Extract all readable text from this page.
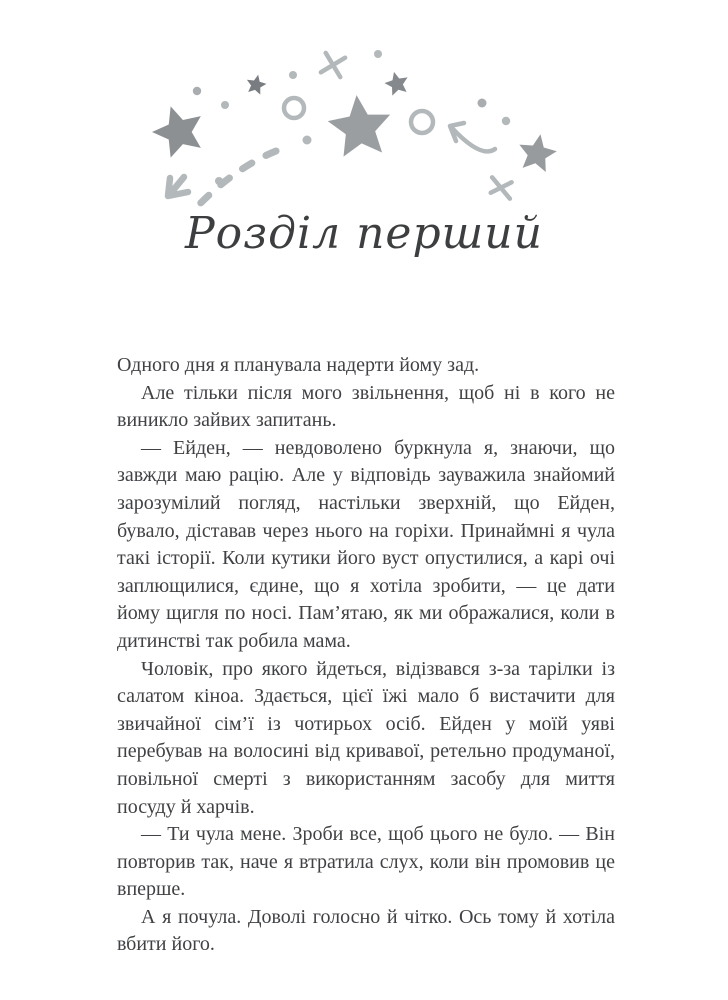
Розділ перший

Одного дня я планувала надерти йому зад.

Але тільки після мого звільнення, щоб ні в кого не виникло зайвих запитань.

— Ейден, — невдоволено буркнула я, знаючи, що завжди маю рацію. Але у відповідь зауважила знайомий зарозумілий погляд, настільки зверхній, що Ейден, бувало, діставав через нього на горіхи. Принаймні я чула такі історії. Коли кутики його вуст опустилися, а карі очі заплющилися, єдине, що я хотіла зробити, — це дати йому щигля по носі. Пам’ятаю, як ми ображалися, коли в дитинстві так робила мама.

Чоловік, про якого йдеться, відізвався з-за тарілки із салатом кіноа. Здається, цієї їжі мало б вистачити для звичайної сім’ї із чотирьох осіб. Ейден у моїй уяві перебував на волосині від кривавої, ретельно продуманої, повільної смерті з використанням засобу для миття посуду й харчів.

— Ти чула мене. Зроби все, щоб цього не було. — Він повторив так, наче я втратила слух, коли він промовив це вперше.

А я почула. Доволі голосно й чітко. Ось тому й хотіла вбити його.
